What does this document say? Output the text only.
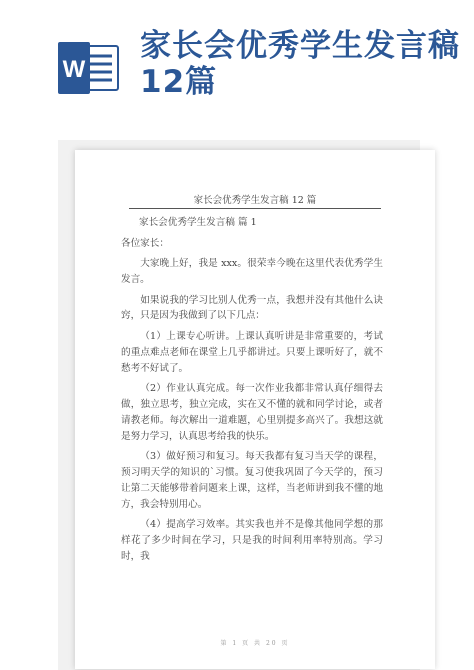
W
家长会优秀学生发言稿12篇
家长会优秀学生发言稿 12 篇

家长会优秀学生发言稿 篇 1

各位家长：

大家晚上好，我是 xxx。很荣幸今晚在这里代表优秀学生发言。

如果说我的学习比别人优秀一点，我想并没有其他什么诀窍，只是因为我做到了以下几点：

（1）上课专心听讲。上课认真听讲是非常重要的，考试的重点难点老师在课堂上几乎都讲过。只要上课听好了，就不愁考不好试了。

（2）作业认真完成。每一次作业我都非常认真仔细得去做，独立思考，独立完成，实在又不懂的就和同学讨论，或者请教老师。每次解出一道难题，心里别提多高兴了。我想这就是努力学习，认真思考给我的快乐。

（3）做好预习和复习。每天我都有复习当天学的课程，预习明天学的知识的`习惯。复习使我巩固了今天学的，预习让第二天能够带着问题来上课，这样，当老师讲到我不懂的地方，我会特别用心。

（4）提高学习效率。其实我也并不是像其他同学想的那样花了多少时间在学习，只是我的时间利用率特别高。学习时，我

第 1 页 共 20 页
